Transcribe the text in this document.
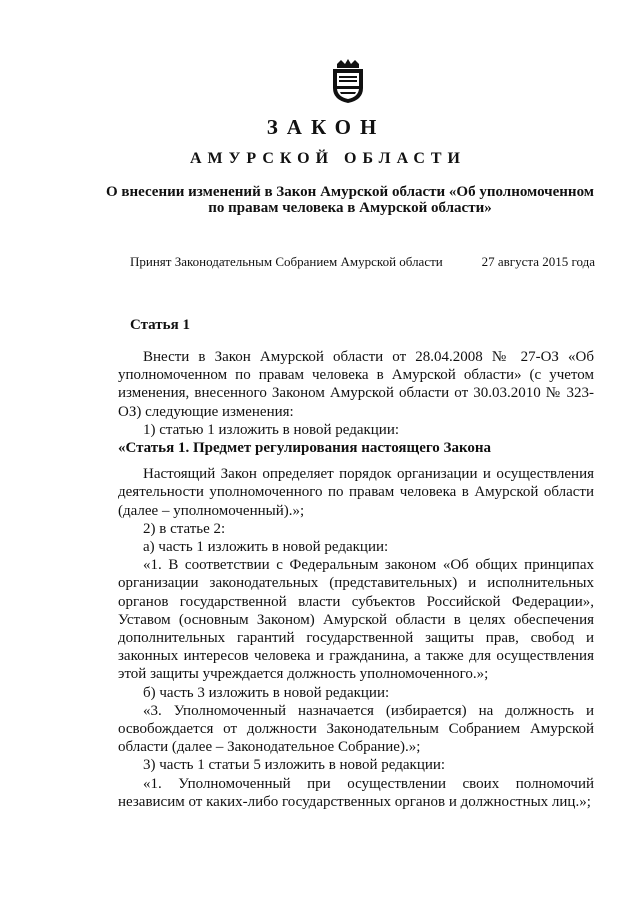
ЗАКОН
АМУРСКОЙ ОБЛАСТИ
О внесении изменений в Закон Амурской области «Об уполномоченном
по правам человека в Амурской области»
Принят Законодательным Собранием Амурской области	27 августа 2015 года
Статья 1

Внести в Закон Амурской области от 28.04.2008 № 27-ОЗ «Об уполномоченном по правам человека в Амурской области» (с учетом изменения, внесенного Законом Амурской области от 30.03.2010 № 323-ОЗ) следующие изменения:

1) статью 1 изложить в новой редакции:

«Статья 1. Предмет регулирования настоящего Закона

Настоящий Закон определяет порядок организации и осуществления деятельности уполномоченного по правам человека в Амурской области (далее – уполномоченный).»;

2) в статье 2:

а) часть 1 изложить в новой редакции:

«1. В соответствии с Федеральным законом «Об общих принципах организации законодательных (представительных) и исполнительных органов государственной власти субъектов Российской Федерации», Уставом (основным Законом) Амурской области в целях обеспечения дополнительных гарантий государственной защиты прав, свобод и законных интересов человека и гражданина, а также для осуществления этой защиты учреждается должность уполномоченного.»;

б) часть 3 изложить в новой редакции:

«3. Уполномоченный назначается (избирается) на должность и освобождается от должности Законодательным Собранием Амурской области (далее – Законодательное Собрание).»;

3) часть 1 статьи 5 изложить в новой редакции:

«1. Уполномоченный при осуществлении своих полномочий независим от каких-либо государственных органов и должностных лиц.»;
